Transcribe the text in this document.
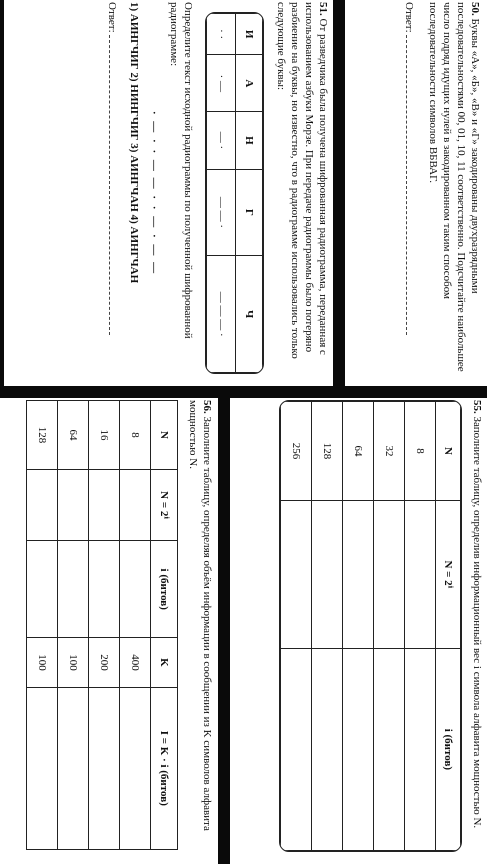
50. Буквы «А», «Б», «В» и «Г» закодированы двухразрядными последовательностями 00, 01, 10, 11 соответственно. Подсчитайте наибольшее число подряд идущих нулей в закодированном таким способом последовательности символов ВБВАГ.
Ответ:
51. От разведчика была получена шифрованная радиограмма, переданная с использованием азбуки Морзе. При передаче радиограммы было потеряно разбиение на буквы, но известно, что в радиограмме использовались только следующие буквы:
И	А	Н	Г	Ч
· ·	· —	— ·	— — ·	— — — ·
Определите текст исходной радиограммы по полученной шифрованной радиограмме:
· — · · — — · · — · — —
1) АИНГЧИГ 2) НИНГЧИГ 3) АИНГЧАН 4) АИНГЧАН
Ответ:
55. Заполните таблицу, определив информационный вес i символа алфавита мощностью N.
N	N = 2ⁱ	i (битов)
8		
32		
64		
128		
256		
56. Заполните таблицу, определяя объём информации в сообщении из K символов алфавита мощностью N.
N	N = 2ⁱ	i (битов)	K	I = K · i (битов)
8			400	
16			200	
64			100	
128			100	
